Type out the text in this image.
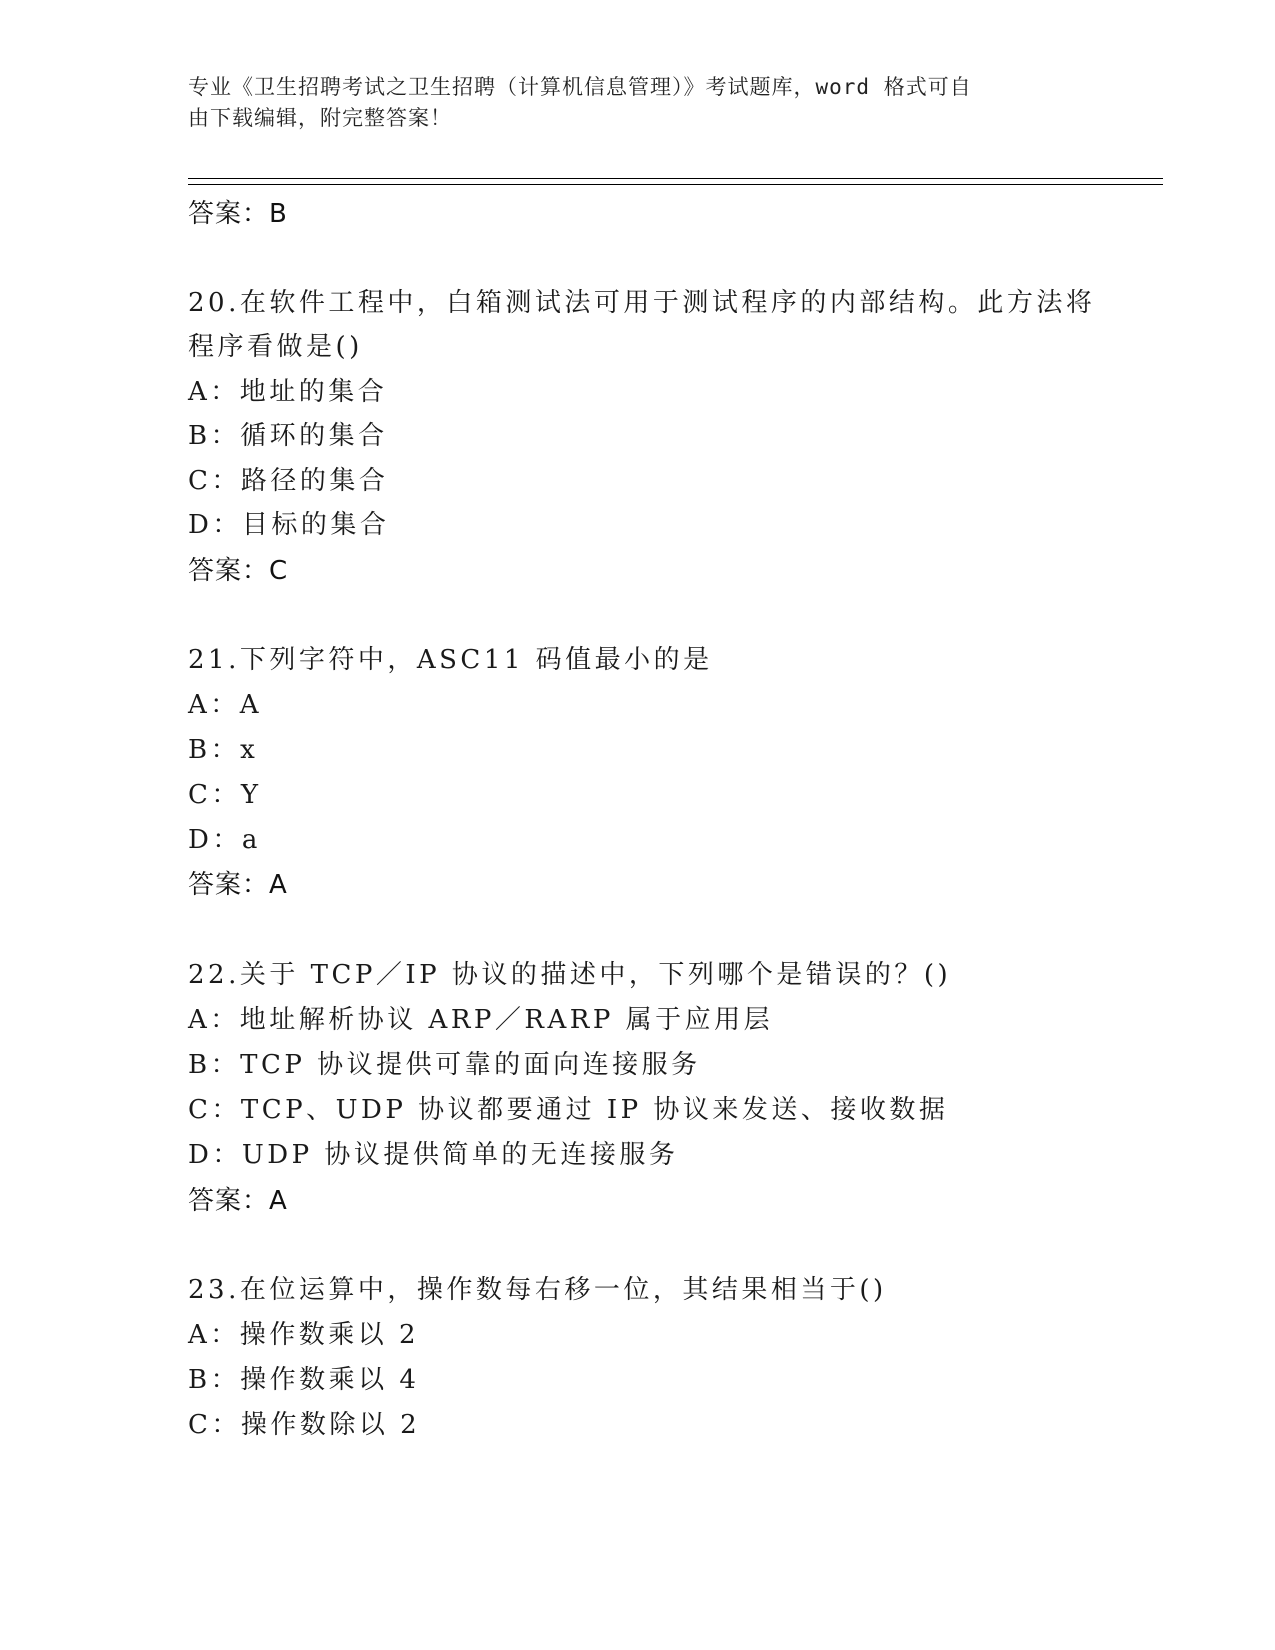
专业《卫生招聘考试之卫生招聘（计算机信息管理）》考试题库，word 格式可自
由下载编辑，附完整答案！
答案：B
20.在软件工程中，白箱测试法可用于测试程序的内部结构。此方法将
程序看做是()
A：地址的集合
B：循环的集合
C：路径的集合
D：目标的集合
答案：C
21.下列字符中，ASC11 码值最小的是
A：A
B：x
C：Y
D：a
答案：A
22.关于 TCP／IP 协议的描述中，下列哪个是错误的？()
A：地址解析协议 ARP／RARP 属于应用层
B：TCP 协议提供可靠的面向连接服务
C：TCP、UDP 协议都要通过 IP 协议来发送、接收数据
D：UDP 协议提供简单的无连接服务
答案：A
23.在位运算中，操作数每右移一位，其结果相当于()
A：操作数乘以 2
B：操作数乘以 4
C：操作数除以 2
